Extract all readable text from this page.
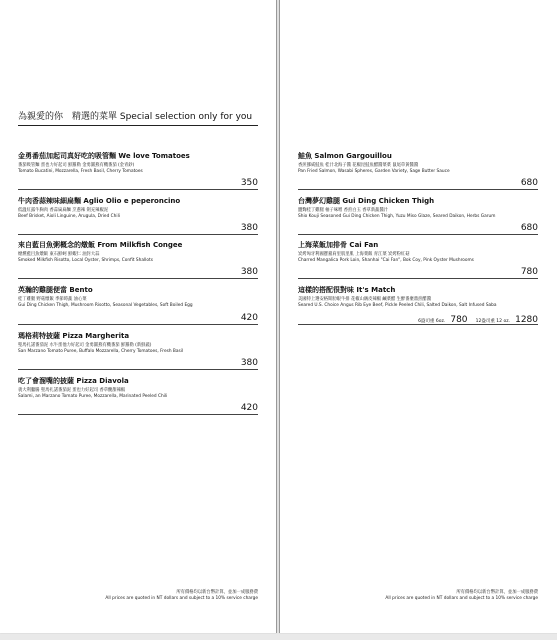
為親愛的你　精選的菜單 Special selection only for you
金勇番茄加起司真好吃的吸管麵 We love Tomatoes
番茄吸管麵 蛋也力好起司 鮮羅勒 金勇圓燕有機番茄 (金青鈔)
Tomato Bucatini, Mozzarella, Fresh Basil, Cherry Tomatoes
350
牛肉香蒜辣味細扁麵 Aglio Olio e peperoncino
低溫紅露牛胸肉 香蒜扁扁麵 烹蔥辣 劍充辣椒泥
Beef Brisket, Aioli Linguine, Arugula, Dried Chili
380
來自藍目魚粥概念的燉飯 From Milkfish Congee
煙燻藍目魚燉飯 東石鮮蚵 鮮蝦仁 油封大蒜
Smoked Milkfish Risotto, Local Oyster, Shrimps, Confit Shallots
380
英瀚的雞腿便當 Bento
桂丁雞腿 野菇燉飯 季節時蔬 油心菜
Gui Ding Chicken Thigh, Mushroom Risotto, Seasonal Vegetables, Soft Boiled Egg
420
瑪格莉特披薩 Pizza Margherita
聖馬扎諾番茄泥 水牛蛋他力好起司 金勇圓燕有機番茄 鮮羅勒 (新鮮蔬)
San Marzano Tomato Puree, Buffalo Mozzarella, Cherry Tomatoes, Fresh Basil
380
吃了會溜嘴的披薩 Pizza Diavola
義大利臘腸 聖馬扎諾番茄泥 蛋也力好起司 香草醃甜辣椒
Salami, an Marzano Tomato Puree, Mozzarella, Marinated Peeled Chili
420
所有價格均以新台幣計算，並加一成服務費
All prices are quoted in NT dollars and subject to a 10% service charge
鮭魚 Salmon Gargouillou
香煎挪威鮭魚 桂汁北海子醬 花椒昆鮭魚醋醬菜菜 鼠尾草黃醬醬
Pan Fried Salmon, Wasabi Spheres, Garden Variety, Sage Butter Sauce
680
台灣夢幻雞腿 Gui Ding Chicken Thigh
鹽麴桂丁雞腿 柚子味噌 香煎白玉 香草新蔬醬汁
Shio Kouji Seasoned Gui Ding Chicken Thigh, Yuzu Miso Glaze, Seared Daikon, Herbs Garum
680
上海菜飯加排骨 Cai Fan
炭烤匈牙利國寶豬肩里肌里肌 上海菜飯 青江菜 炭烤粉紅菇
Charred Mangalica Pork Loin, Shanhai "Cai Fan", Bok Coy, Pink Oyster Mushrooms
780
這樣的搭配很對味 It's Match
美國特上選安格斯肋眼牛排 花椒山賊皮辣椒 鹹菜醋 生醉番麼鼎煎醋醬
Seared U.S. Choice Angus Rib Eye Beef, Pickle Peeled Chili, Salted Daikon, Salt Infused Saba
6盎司重 6oz. 780 12盎司重 12 oz. 1280
所有價格均以新台幣計算，並加一成服務費
All prices are quoted in NT dollars and subject to a 10% service charge
